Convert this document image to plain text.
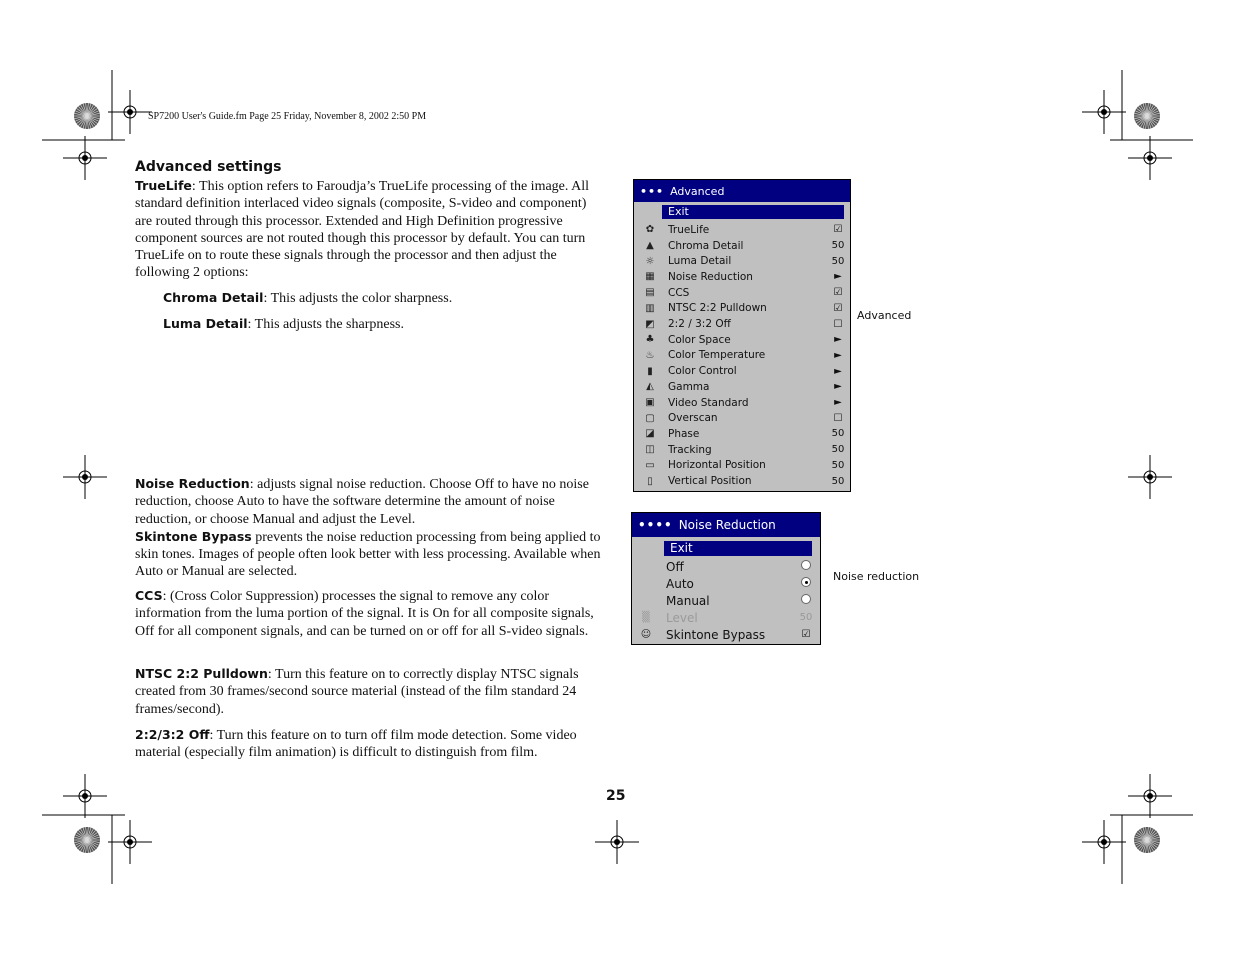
SP7200 User's Guide.fm Page 25 Friday, November 8, 2002 2:50 PM
Advanced settings
TrueLife: This option refers to Faroudja’s TrueLife processing of the image. All standard definition interlaced video signals (composite, S-video and component) are routed through this processor. Extended and High Definition progressive component sources are not routed though this processor by default. You can turn TrueLife on to route these signals through the processor and then adjust the following 2 options:
Chroma Detail: This adjusts the color sharpness.
Luma Detail: This adjusts the sharpness.
Noise Reduction: adjusts signal noise reduction. Choose Off to have no noise reduction, choose Auto to have the software determine the amount of noise reduction, or choose Manual and adjust the Level.
Skintone Bypass prevents the noise reduction processing from being applied to skin tones. Images of people often look better with less processing. Available when Auto or Manual are selected.
CCS: (Cross Color Suppression) processes the signal to remove any color information from the luma portion of the signal. It is On for all composite signals, Off for all component signals, and can be turned on or off for all S-video signals.
NTSC 2:2 Pulldown: Turn this feature on to correctly display NTSC signals created from 30 frames/second source material (instead of the film standard 24 frames/second).
2:2/3:2 Off: Turn this feature on to turn off film mode detection. Some video material (especially film animation) is difficult to distinguish from film.
25
••• Advanced
Exit
✿	TrueLife	☑
▲	Chroma Detail	50
☼	Luma Detail	50
▦	Noise Reduction	►
▤	CCS	☑
▥	NTSC 2:2 Pulldown	☑
◩	2:2 / 3:2 Off	☐
♣	Color Space	►
♨	Color Temperature	►
▮	Color Control	►
◭	Gamma	►
▣	Video Standard	►
▢	Overscan	☐
◪	Phase	50
◫	Tracking	50
▭	Horizontal Position	50
▯	Vertical Position	50
Advanced
•••• Noise Reduction
Exit
Off
Auto
Manual
▒	Level	50
☺ Skintone Bypass	☑
Noise reduction
